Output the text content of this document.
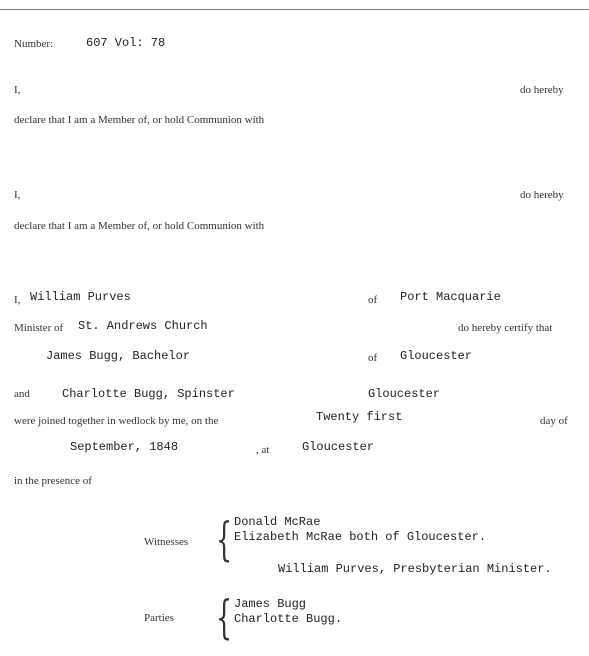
Number:	607 Vol: 78
I,	do hereby
declare that I am a Member of, or hold Communion with
I,	do hereby
declare that I am a Member of, or hold Communion with
I, William Purves	of Port Macquarie
Minister of St. Andrews Church	do hereby certify that
James Bugg, Bachelor	of Gloucester
and	Charlotte Bugg, Spinster	Gloucester
were joined together in wedlock by me, on the	Twenty first	day of
September, 1848	, at	Gloucester
in the presence of
Witnesses { Donald McRae
Elizabeth McRae both of Gloucester.
William Purves, Presbyterian Minister.
Parties { James Bugg
Charlotte Bugg.
